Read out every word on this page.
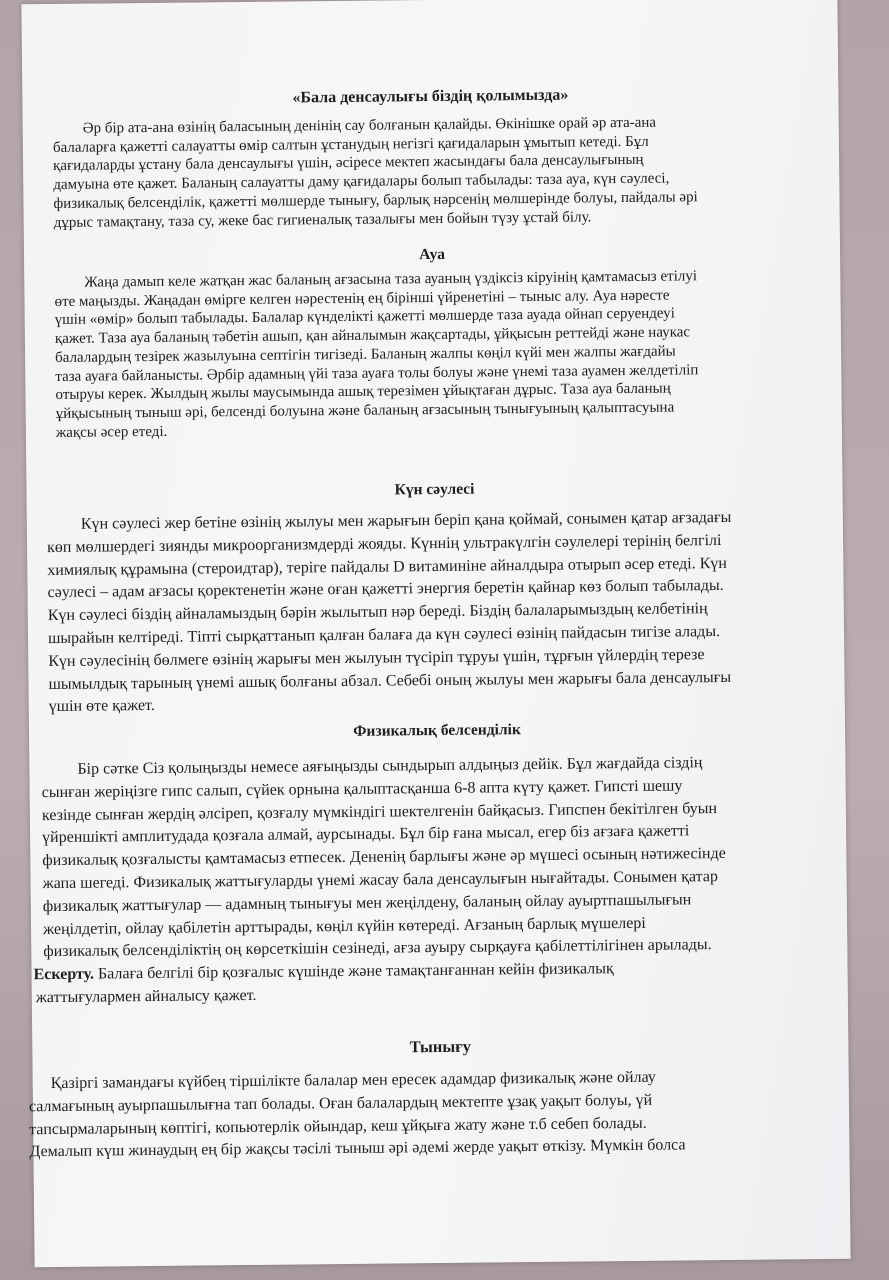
«Бала денсаулығы біздің қолымызда»
Әр бір ата-ана өзінің баласының денінің сау болғанын қалайды. Өкінішке орай әр ата-ана
балаларға қажетті салауатты өмір салтын ұстанудың негізгі қағидаларын ұмытып кетеді. Бұл
қағидаларды ұстану бала денсаулығы үшін, әсіресе мектеп жасындағы бала денсаулығының
дамуына өте қажет. Баланың салауатты даму қағидалары болып табылады: таза ауа, күн сәулесі,
физикалық белсенділік, қажетті мөлшерде тынығу, барлық нәрсенің мөлшерінде болуы, пайдалы әрі
дұрыс тамақтану, таза су, жеке бас гигиеналық тазалығы мен бойын түзу ұстай білу.
Ауа
Жаңа дамып келе жатқан жас баланың ағзасына таза ауаның үздіксіз кіруінің қамтамасыз етілуі
өте маңызды. Жаңадан өмірге келген нәрестенің ең бірінші үйренетіні – тыныс алу. Ауа нәресте
үшін «өмір» болып табылады. Балалар күнделікті қажетті мөлшерде таза ауада ойнап серуендеуі
қажет. Таза ауа баланың тәбетін ашып, қан айналымын жақсартады, ұйқысын реттейді және наукас
балалардың тезірек жазылуына септігін тигізеді. Баланың жалпы көңіл күйі мен жалпы жағдайы
таза ауаға байланысты. Әрбір адамның үйі таза ауаға толы болуы және үнемі таза ауамен желдетіліп
отыруы керек. Жылдың жылы маусымында ашық терезімен ұйықтаған дұрыс. Таза ауа баланың
ұйқысының тыныш әрі, белсенді болуына және баланың ағзасының тынығуының қалыптасуына
жақсы әсер етеді.
Күн сәулесі
Күн сәулесі жер бетіне өзінің жылуы мен жарығын беріп қана қоймай, сонымен қатар ағзадағы
көп мөлшердегі зиянды микроорганизмдерді жояды. Күннің ультракүлгін сәулелері терінің белгілі
химиялық құрамына (стероидтар), теріге пайдалы D витаминіне айналдыра отырып әсер етеді. Күн
сәулесі – адам ағзасы қоректенетін және оған қажетті энергия беретін қайнар көз болып табылады.
Күн сәулесі біздің айналамыздың бәрін жылытып нәр береді. Біздің балаларымыздың келбетінің
шырайын келтіреді. Тіпті сырқаттанып қалған балаға да күн сәулесі өзінің пайдасын тигізе алады.
Күн сәулесінің бөлмеге өзінің жарығы мен жылуын түсіріп тұруы үшін, тұрғын үйлердің терезе
шымылдық тарының үнемі ашық болғаны абзал. Себебі оның жылуы мен жарығы бала денсаулығы
үшін өте қажет.
Физикалық белсенділік
Бір сәтке Сіз қолыңызды немесе аяғыңызды сындырып алдыңыз дейік. Бұл жағдайда сіздің
сынған жеріңізге гипс салып, сүйек орнына қалыптасқанша 6-8 апта күту қажет. Гипсті шешу
кезінде сынған жердің әлсіреп, қозғалу мүмкіндігі шектелгенін байқасыз. Гипспен бекітілген буын
үйреншікті амплитудада қозғала алмай, аурсынады. Бұл бір ғана мысал, егер біз ағзаға қажетті
физикалық қозғалысты қамтамасыз етпесек. Дененің барлығы және әр мүшесі осының нәтижесінде
жапа шегеді. Физикалық жаттығуларды үнемі жасау бала денсаулығын нығайтады. Сонымен қатар
физикалық жаттығулар — адамның тынығуы мен жеңілдену, баланың ойлау ауыртпашылығын
жеңілдетіп, ойлау қабілетін арттырады, көңіл күйін көтереді. Ағзаның барлық мүшелері
физикалық белсенділіктің оң көрсеткішін сезінеді, ағза ауыру сырқауға қабілеттілігінен арылады.
Ескерту. Балаға белгілі бір қозғалыс күшінде және тамақтанғаннан кейін физикалық
жаттығулармен айналысу қажет.
Тынығу
Қазіргі замандағы күйбең тіршілікте балалар мен ересек адамдар физикалық және ойлау
салмағының ауырпашылығна тап болады. Оған балалардың мектепте ұзақ уақыт болуы, үй
тапсырмаларының көптігі, копьютерлік ойындар, кеш ұйқыға жату және т.б себеп болады.
Демалып күш жинаудың ең бір жақсы тәсілі тыныш әрі әдемі жерде уақыт өткізу. Мүмкін болса
